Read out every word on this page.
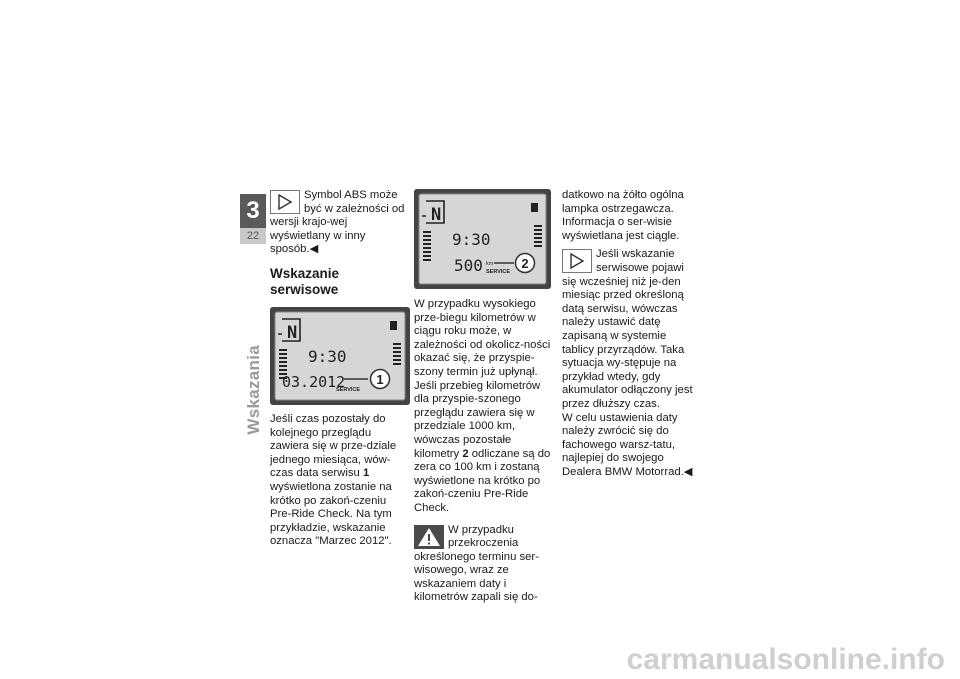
3
22
Wskazania

Symbol ABS może być w zależności od wersji krajo-wej wyświetlany w inny sposób.◀

Wskazanie serwisowe
N
9:30
03.2012
SERVICE
1

Jeśli czas pozostały do kolejnego przeglądu zawiera się w prze-dziale jednego miesiąca, wów-czas data serwisu 1 wyświetlona zostanie na krótko po zakoń-czeniu Pre-Ride Check. Na tym przykładzie, wskazanie oznacza "Marzec 2012".

N
9:30
500 km
SERVICE
2

W przypadku wysokiego prze-biegu kilometrów w ciągu roku może, w zależności od okolicz-ności okazać się, że przyspie-szony termin już upłynął. Jeśli przebieg kilometrów dla przyspie-szonego przeglądu zawiera się w przedziale 1000 km, wówczas pozostałe kilometry 2 odliczane są do zera co 100 km i zostaną wyświetlone na krótko po zakoń-czeniu Pre-Ride Check.

W przypadku przekroczenia określonego terminu ser-wisowego, wraz ze wskazaniem daty i kilometrów zapali się do-

datkowo na żółto ogólna lampka ostrzegawcza. Informacja o ser-wisie wyświetlana jest ciągle.

Jeśli wskazanie serwisowe pojawi się wcześniej niż je-den miesiąc przed określoną datą serwisu, wówczas należy ustawić datę zapisaną w systemie tablicy przyrządów. Taka sytuacja wy-stępuje na przykład wtedy, gdy akumulator odłączony jest przez dłuższy czas.

W celu ustawienia daty należy zwrócić się do fachowego warsz-tatu, najlepiej do swojego Dealera BMW Motorrad.◀

carmanualsonline.info
